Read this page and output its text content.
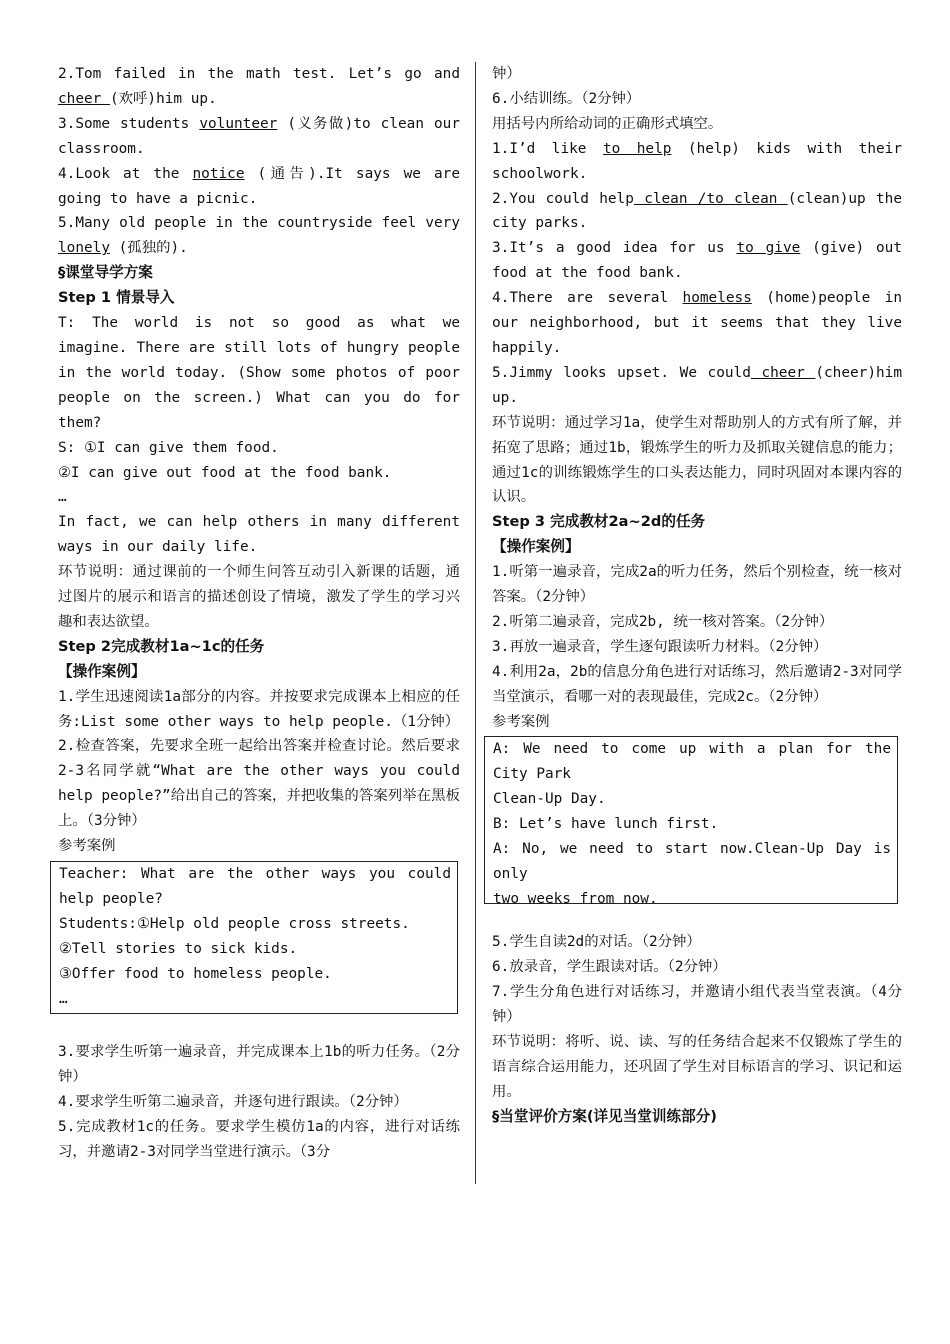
2.Tom failed in the math test. Let’s go and cheer (欢呼)him up.

3.Some students volunteer (义务做)to clean our classroom.

4.Look at the notice (通告).It says we are going to have a picnic.

5.Many old people in the countryside feel very lonely (孤独的).

§课堂导学方案

Step 1 情景导入

T: The world is not so good as what we imagine. There are still lots of hungry people in the world today. (Show some photos of poor people on the screen.) What can you do for them?

S: ①I can give them food.

②I can give out food at the food bank.

…

In fact, we can help others in many different ways in our daily life.

环节说明：通过课前的一个师生问答互动引入新课的话题，通过图片的展示和语言的描述创设了情境，激发了学生的学习兴趣和表达欲望。

Step 2完成教材1a~1c的任务

【操作案例】

1.学生迅速阅读1a部分的内容。并按要求完成课本上相应的任务:List some other ways to help people.（1分钟）

2.检查答案，先要求全班一起给出答案并检查讨论。然后要求2-3名同学就“What are the other ways you could help people?”给出自己的答案，并把收集的答案列举在黑板上。（3分钟）

参考案例

Teacher: What are the other ways you could help people?

Students:①Help old people cross streets.

②Tell stories to sick kids.

③Offer food to homeless people.

…

3.要求学生听第一遍录音，并完成课本上1b的听力任务。（2分钟）

4.要求学生听第二遍录音，并逐句进行跟读。（2分钟）

5.完成教材1c的任务。要求学生模仿1a的内容，进行对话练习，并邀请2-3对同学当堂进行演示。（3分

钟）

6.小结训练。（2分钟）

用括号内所给动词的正确形式填空。

1.I’d like to help (help) kids with their schoolwork.

2.You could help clean /to clean (clean)up the city parks.

3.It’s a good idea for us to give (give) out food at the food bank.

4.There are several homeless (home)people in our neighborhood, but it seems that they live happily.

5.Jimmy looks upset. We could cheer (cheer)him up.

环节说明：通过学习1a，使学生对帮助别人的方式有所了解，并拓宽了思路；通过1b，锻炼学生的听力及抓取关键信息的能力；通过1c的训练锻炼学生的口头表达能力，同时巩固对本课内容的认识。

Step 3 完成教材2a~2d的任务

【操作案例】

1.听第一遍录音，完成2a的听力任务，然后个别检查，统一核对答案。（2分钟）

2.听第二遍录音，完成2b, 统一核对答案。（2分钟）

3.再放一遍录音，学生逐句跟读听力材料。（2分钟）

4.利用2a，2b的信息分角色进行对话练习，然后邀请2-3对同学当堂演示，看哪一对的表现最佳，完成2c。（2分钟）

参考案例

A: We need to come up with a plan for the City Park

Clean-Up Day.

B: Let’s have lunch first.

A: No, we need to start now.Clean-Up Day is only

two weeks from now.

5.学生自读2d的对话。（2分钟）

6.放录音，学生跟读对话。（2分钟）

7.学生分角色进行对话练习，并邀请小组代表当堂表演。（4分钟）

环节说明：将听、说、读、写的任务结合起来不仅锻炼了学生的语言综合运用能力，还巩固了学生对目标语言的学习、识记和运用。

§当堂评价方案(详见当堂训练部分)
